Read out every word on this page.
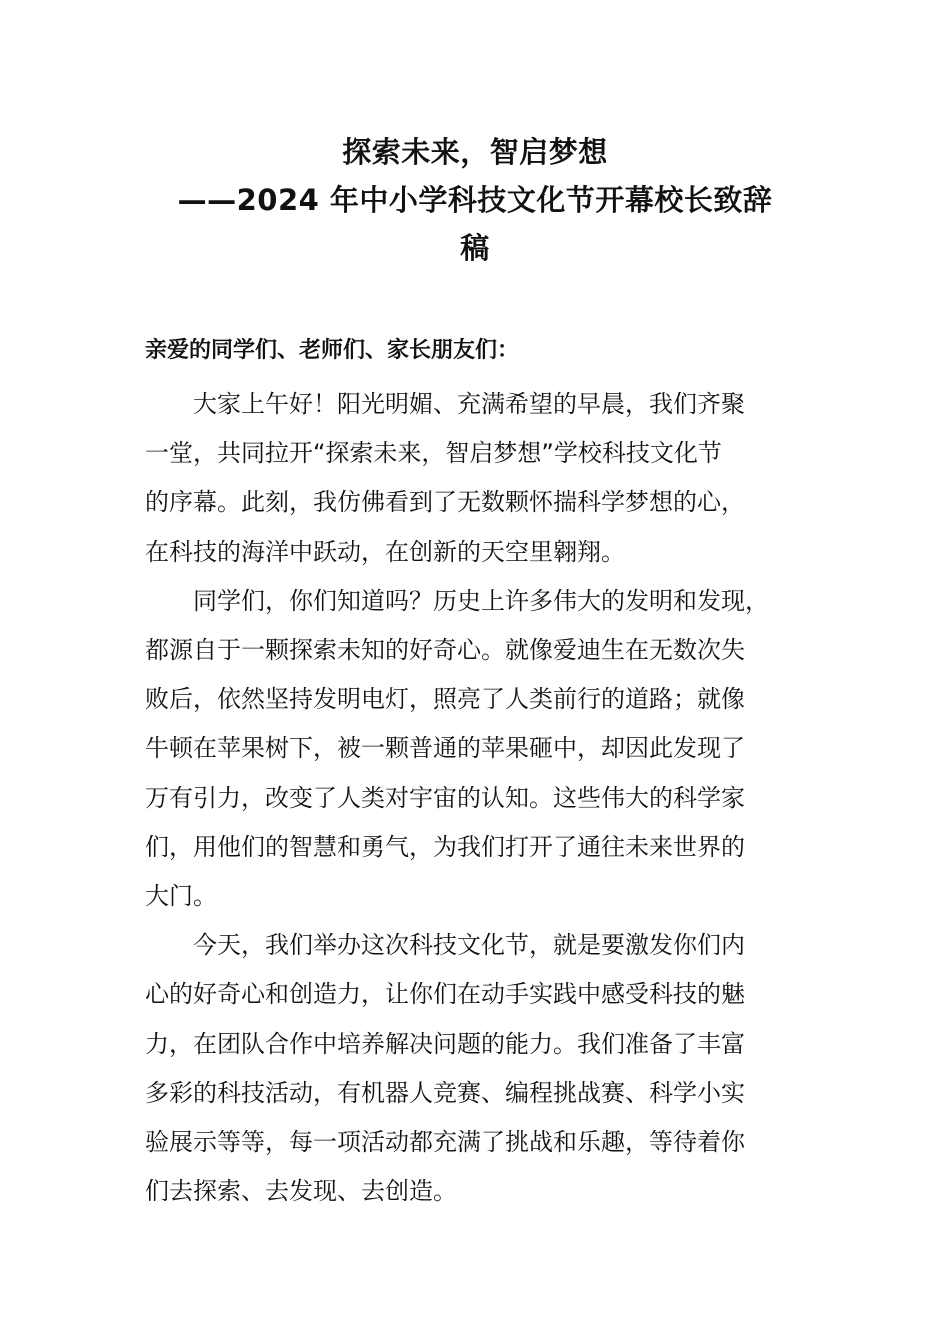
探索未来，智启梦想
——2024 年中小学科技文化节开幕校长致辞
稿
亲爱的同学们、老师们、家长朋友们：

大家上午好！阳光明媚、充满希望的早晨，我们齐聚
一堂，共同拉开“探索未来，智启梦想”学校科技文化节
的序幕。此刻，我仿佛看到了无数颗怀揣科学梦想的心，
在科技的海洋中跃动，在创新的天空里翱翔。

同学们，你们知道吗？历史上许多伟大的发明和发现，
都源自于一颗探索未知的好奇心。就像爱迪生在无数次失
败后，依然坚持发明电灯，照亮了人类前行的道路；就像
牛顿在苹果树下，被一颗普通的苹果砸中，却因此发现了
万有引力，改变了人类对宇宙的认知。这些伟大的科学家
们，用他们的智慧和勇气，为我们打开了通往未来世界的
大门。

今天，我们举办这次科技文化节，就是要激发你们内
心的好奇心和创造力，让你们在动手实践中感受科技的魅
力，在团队合作中培养解决问题的能力。我们准备了丰富
多彩的科技活动，有机器人竞赛、编程挑战赛、科学小实
验展示等等，每一项活动都充满了挑战和乐趣，等待着你
们去探索、去发现、去创造。
